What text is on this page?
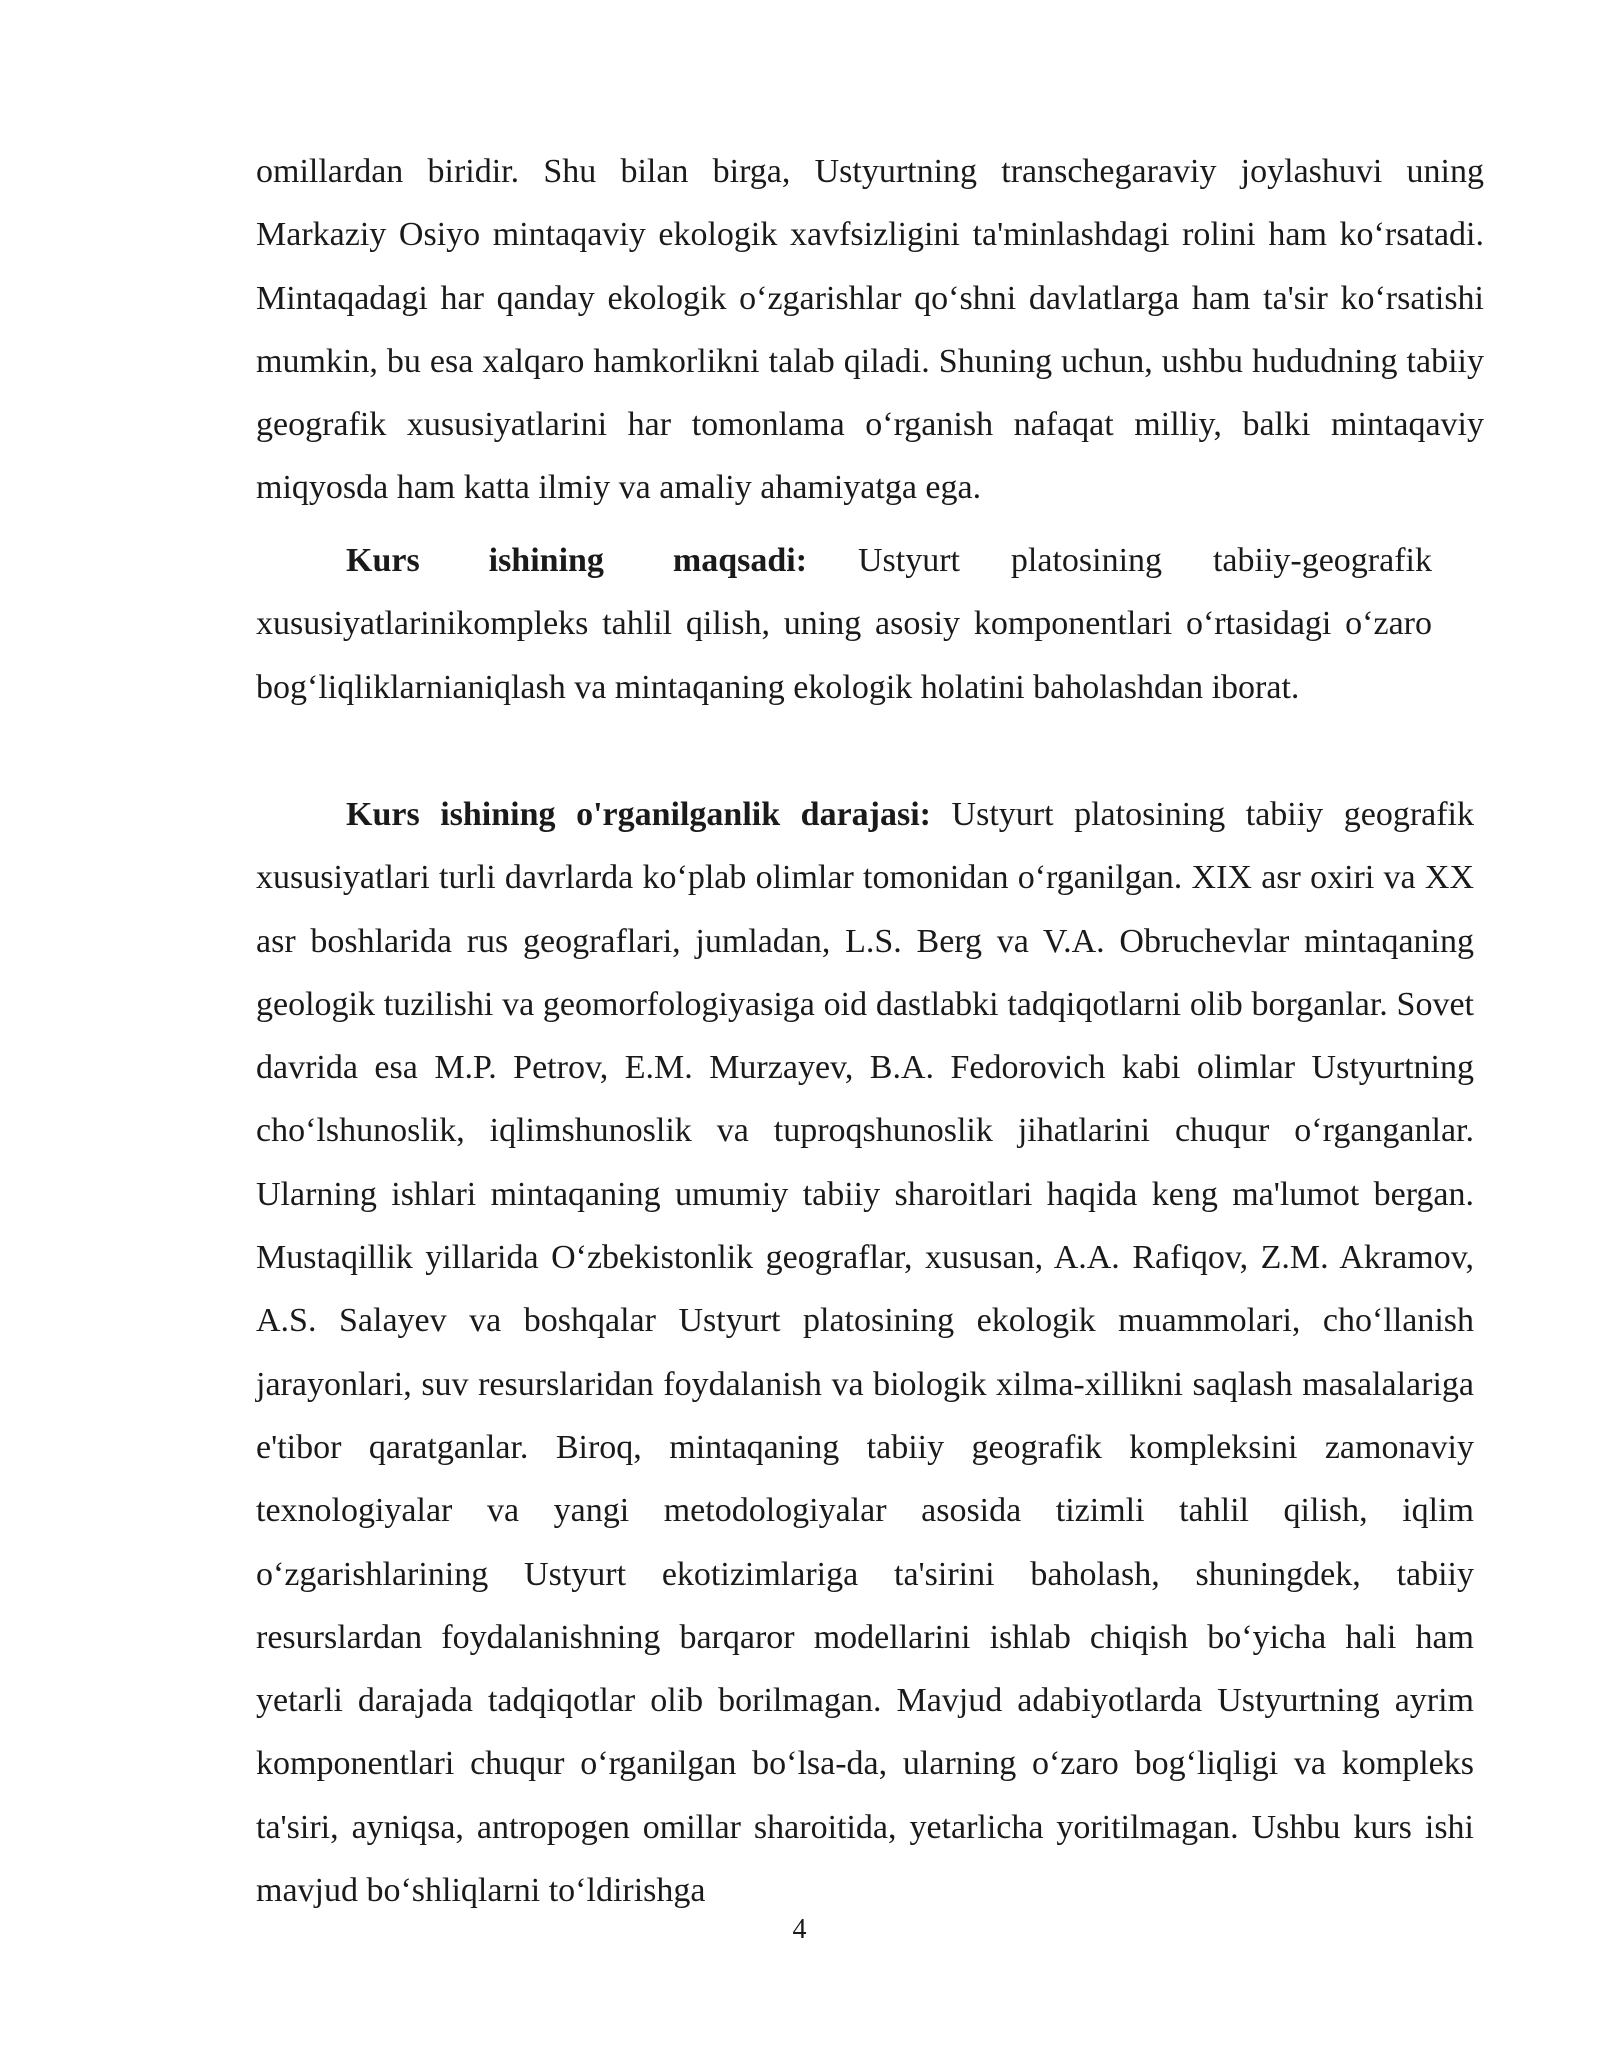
omillardan biridir. Shu bilan birga, Ustyurtning transchegaraviy joylashuvi uning Markaziy Osiyo mintaqaviy ekologik xavfsizligini ta'minlashdagi rolini ham ko‘rsatadi. Mintaqadagi har qanday ekologik o‘zgarishlar qo‘shni davlatlarga ham ta'sir ko‘rsatishi mumkin, bu esa xalqaro hamkorlikni talab qiladi. Shuning uchun, ushbu hududning tabiiy geografik xususiyatlarini har tomonlama o‘rganish nafaqat milliy, balki mintaqaviy miqyosda ham katta ilmiy va amaliy ahamiyatga ega.

Kurs ishining maqsadi: Ustyurt platosining tabiiy-geografik xususiyatlarinikompleks tahlil qilish, uning asosiy komponentlari o‘rtasidagi o‘zaro bog‘liqliklarnianiqlash va mintaqaning ekologik holatini baholashdan iborat.

Kurs ishining o'rganilganlik darajasi: Ustyurt platosining tabiiy geografik xususiyatlari turli davrlarda ko‘plab olimlar tomonidan o‘rganilgan. XIX asr oxiri va XX asr boshlarida rus geograflari, jumladan, L.S. Berg va V.A. Obruchevlar mintaqaning geologik tuzilishi va geomorfologiyasiga oid dastlabki tadqiqotlarni olib borganlar. Sovet davrida esa M.P. Petrov, E.M. Murzayev, B.A. Fedorovich kabi olimlar Ustyurtning cho‘lshunoslik, iqlimshunoslik va tuproqshunoslik jihatlarini chuqur o‘rganganlar. Ularning ishlari mintaqaning umumiy tabiiy sharoitlari haqida keng ma'lumot bergan. Mustaqillik yillarida O‘zbekistonlik geograflar, xususan, A.A. Rafiqov, Z.M. Akramov, A.S. Salayev va boshqalar Ustyurt platosining ekologik muammolari, cho‘llanish jarayonlari, suv resurslaridan foydalanish va biologik xilma-xillikni saqlash masalalariga e'tibor qaratganlar. Biroq, mintaqaning tabiiy geografik kompleksini zamonaviy texnologiyalar va yangi metodologiyalar asosida tizimli tahlil qilish, iqlim o‘zgarishlarining Ustyurt ekotizimlariga ta'sirini baholash, shuningdek, tabiiy resurslardan foydalanishning barqaror modellarini ishlab chiqish bo‘yicha hali ham yetarli darajada tadqiqotlar olib borilmagan. Mavjud adabiyotlarda Ustyurtning ayrim komponentlari chuqur o‘rganilgan bo‘lsa-da, ularning o‘zaro bog‘liqligi va kompleks ta'siri, ayniqsa, antropogen omillar sharoitida, yetarlicha yoritilmagan. Ushbu kurs ishi mavjud bo‘shliqlarni to‘ldirishga

4
